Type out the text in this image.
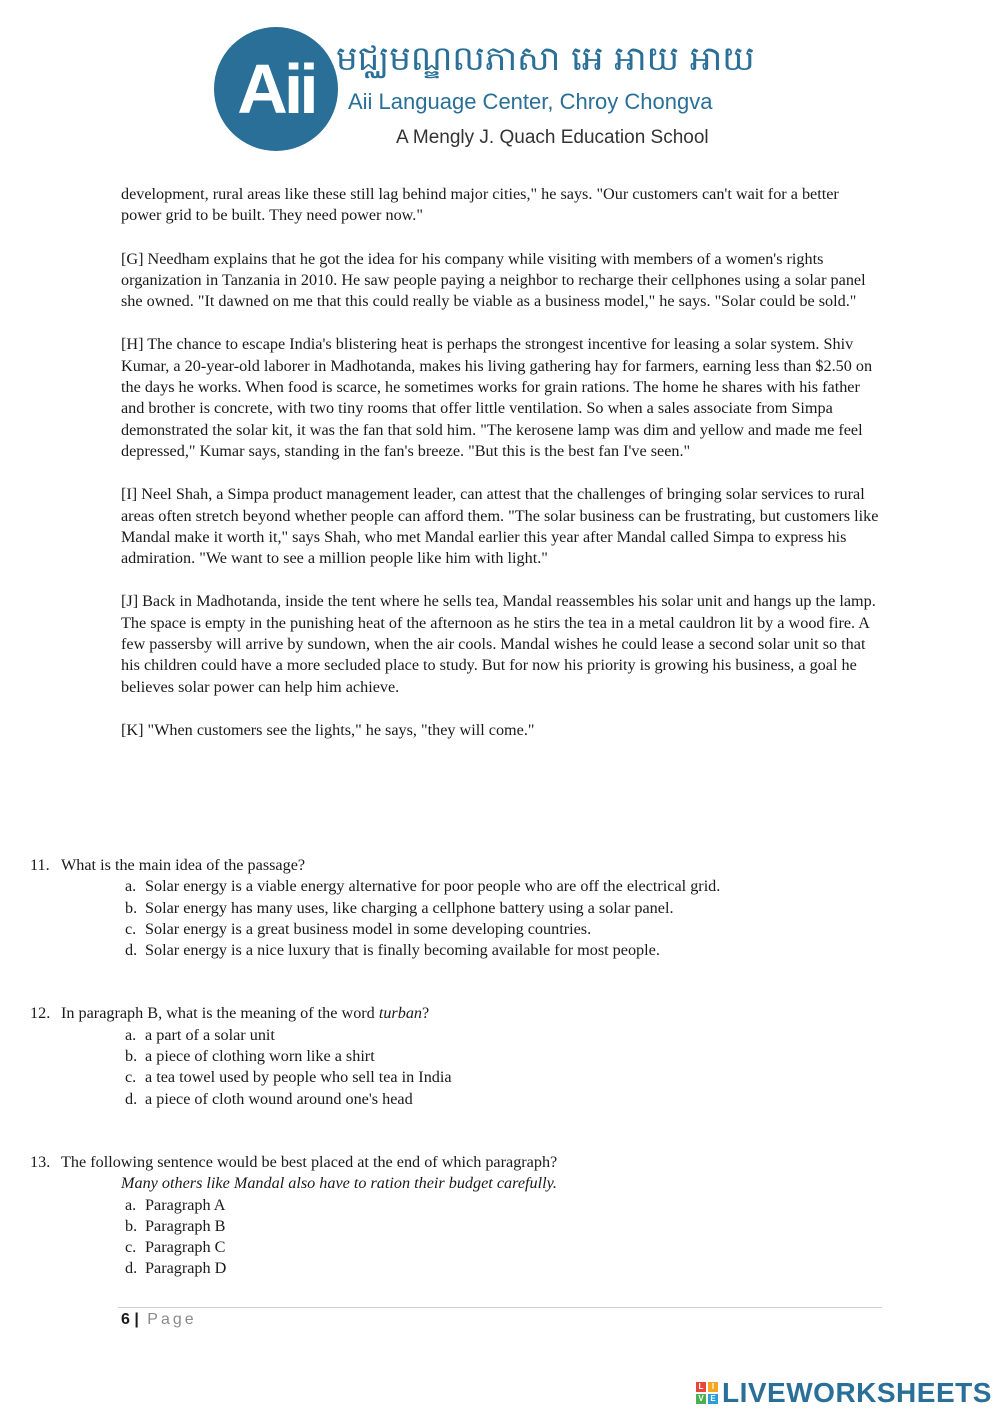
Aii មជ្ឈមណ្ឌលភាសា អេ អាយ អាយ
Aii Language Center, Chroy Chongva
A Mengly J. Quach Education School

development, rural areas like these still lag behind major cities," he says. "Our customers can't wait for a better power grid to be built. They need power now."

[G] Needham explains that he got the idea for his company while visiting with members of a women's rights organization in Tanzania in 2010. He saw people paying a neighbor to recharge their cellphones using a solar panel she owned. "It dawned on me that this could really be viable as a business model," he says. "Solar could be sold."

[H] The chance to escape India's blistering heat is perhaps the strongest incentive for leasing a solar system. Shiv Kumar, a 20-year-old laborer in Madhotanda, makes his living gathering hay for farmers, earning less than $2.50 on the days he works. When food is scarce, he sometimes works for grain rations. The home he shares with his father and brother is concrete, with two tiny rooms that offer little ventilation. So when a sales associate from Simpa demonstrated the solar kit, it was the fan that sold him. "The kerosene lamp was dim and yellow and made me feel depressed," Kumar says, standing in the fan's breeze. "But this is the best fan I've seen."

[I] Neel Shah, a Simpa product management leader, can attest that the challenges of bringing solar services to rural areas often stretch beyond whether people can afford them. "The solar business can be frustrating, but customers like Mandal make it worth it," says Shah, who met Mandal earlier this year after Mandal called Simpa to express his admiration. "We want to see a million people like him with light."

[J] Back in Madhotanda, inside the tent where he sells tea, Mandal reassembles his solar unit and hangs up the lamp. The space is empty in the punishing heat of the afternoon as he stirs the tea in a metal cauldron lit by a wood fire. A few passersby will arrive by sundown, when the air cools. Mandal wishes he could lease a second solar unit so that his children could have a more secluded place to study. But for now his priority is growing his business, a goal he believes solar power can help him achieve.

[K] "When customers see the lights," he says, "they will come."

11. What is the main idea of the passage?
a. Solar energy is a viable energy alternative for poor people who are off the electrical grid.
b. Solar energy has many uses, like charging a cellphone battery using a solar panel.
c. Solar energy is a great business model in some developing countries.
d. Solar energy is a nice luxury that is finally becoming available for most people.
12. In paragraph B, what is the meaning of the word turban?
a. a part of a solar unit
b. a piece of clothing worn like a shirt
c. a tea towel used by people who sell tea in India
d. a piece of cloth wound around one's head
13. The following sentence would be best placed at the end of which paragraph?
Many others like Mandal also have to ration their budget carefully.
a. Paragraph A
b. Paragraph B
c. Paragraph C
d. Paragraph D
6 | Page
L	I
V E LIVEWORKSHEETS
